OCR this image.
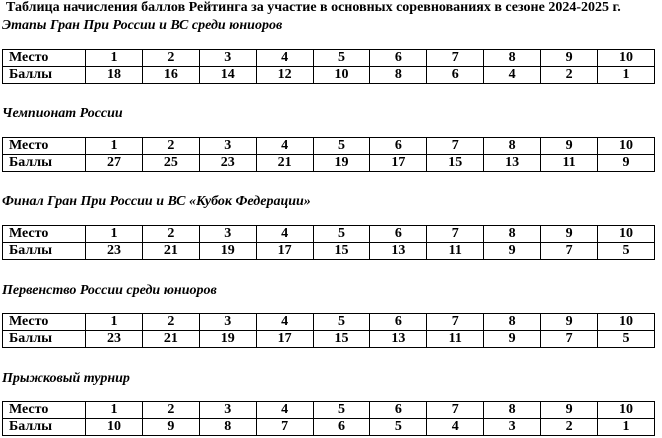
Таблица начисления баллов Рейтинга за участие в основных соревнованиях в сезоне 2024-2025 г.
Этапы Гран При России и ВС среди юниоров
Место	1	2	3	4	5	6	7	8	9	10
Баллы	18	16	14	12	10	8	6	4	2	1
Чемпионат России
Место	1	2	3	4	5	6	7	8	9	10
Баллы	27	25	23	21	19	17	15	13	11	9
Финал Гран При России и ВС «Кубок Федерации»
Место	1	2	3	4	5	6	7	8	9	10
Баллы	23	21	19	17	15	13	11	9	7	5
Первенство России среди юниоров
Место	1	2	3	4	5	6	7	8	9	10
Баллы	23	21	19	17	15	13	11	9	7	5
Прыжковый турнир
Место	1	2	3	4	5	6	7	8	9	10
Баллы	10	9	8	7	6	5	4	3	2	1
